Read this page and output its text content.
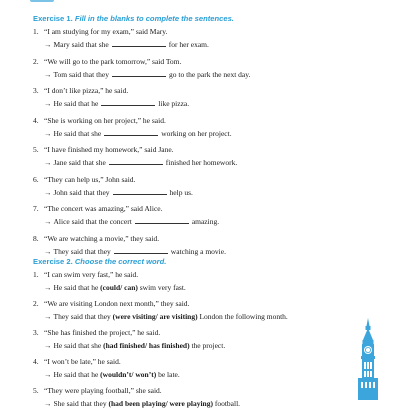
Exercise 1. Fill in the blanks to complete the sentences.
1. “I am studying for my exam,” said Mary.
→ Mary said that she	for her exam.
2. “We will go to the park tomorrow,” said Tom.
→ Tom said that they	go to the park the next day.
3. “I don’t like pizza,” he said.
→ He said that he	like pizza.
4. “She is working on her project,” he said.
→ He said that she	working on her project.
5. “I have finished my homework,” said Jane.
→ Jane said that she	finished her homework.
6. “They can help us,” John said.
→ John said that they	help us.
7. “The concert was amazing,” said Alice.
→ Alice said that the concert	amazing.
8. “We are watching a movie,” they said.
→ They said that they	watching a movie.
Exercise 2. Choose the correct word.
1. “I can swim very fast,” he said.
→ He said that he (could/ can) swim very fast.
2. “We are visiting London next month,” they said.
→ They said that they (were visiting/ are visiting) London the following month.
3. “She has finished the project,” he said.
→ He said that she (had finished/ has finished) the project.
4. “I won’t be late,” he said.
→ He said that he (wouldn’t/ won’t) be late.
5. “They were playing football,” she said.
→ She said that they (had been playing/ were playing) football.
